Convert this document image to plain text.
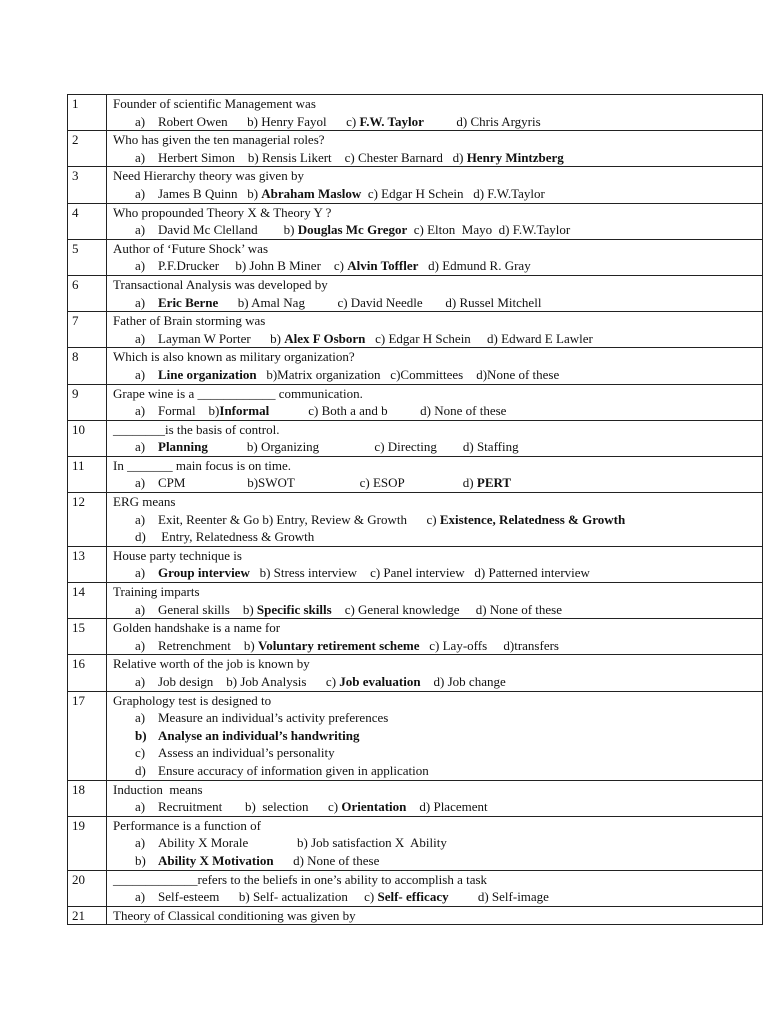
1	Founder of scientific Management was
a) Robert Owen      b) Henry Fayol      c) F.W. Taylor          d) Chris Argyris

2	Who has given the ten managerial roles?
a) Herbert Simon    b) Rensis Likert    c) Chester Barnard   d) Henry Mintzberg

3	Need Hierarchy theory was given by
a) James B Quinn   b) Abraham Maslow  c) Edgar H Schein   d) F.W.Taylor

4	Who propounded Theory X & Theory Y ?
a) David Mc Clelland        b) Douglas Mc Gregor  c) Elton  Mayo  d) F.W.Taylor

5	Author of ‘Future Shock’ was
a) P.F.Drucker     b) John B Miner    c) Alvin Toffler   d) Edmund R. Gray

6	Transactional Analysis was developed by
a) Eric Berne      b) Amal Nag          c) David Needle       d) Russel Mitchell

7	Father of Brain storming was
a) Layman W Porter      b) Alex F Osborn   c) Edgar H Schein     d) Edward E Lawler

8	Which is also known as military organization?
a) Line organization   b)Matrix organization   c)Committees    d)None of these

9	Grape wine is a ____________ communication.
a) Formal    b)Informal            c) Both a and b          d) None of these

10	________is the basis of control.
a) Planning            b) Organizing                 c) Directing        d) Staffing

11	In _______ main focus is on time.
a) CPM                   b)SWOT                    c) ESOP                  d) PERT

12	ERG means
a) Exit, Reenter & Go b) Entry, Review & Growth      c) Existence, Relatedness & Growth
d) Entry, Relatedness & Growth

13	House party technique is
a) Group interview   b) Stress interview    c) Panel interview   d) Patterned interview

14	Training imparts
a) General skills    b) Specific skills    c) General knowledge     d) None of these

15	Golden handshake is a name for
a) Retrenchment    b) Voluntary retirement scheme   c) Lay-offs     d)transfers

16	Relative worth of the job is known by
a) Job design    b) Job Analysis      c) Job evaluation    d) Job change

17	Graphology test is designed to
a) Measure an individual’s activity preferences
b) Analyse an individual’s handwriting
c) Assess an individual’s personality
d) Ensure accuracy of information given in application

18	Induction  means
a) Recruitment       b)  selection      c) Orientation    d) Placement

19	Performance is a function of
a) Ability X Morale               b) Job satisfaction X  Ability
b) Ability X Motivation      d) None of these

20	_____________refers to the beliefs in one’s ability to accomplish a task
a) Self-esteem      b) Self- actualization     c) Self- efficacy         d) Self-image

21	Theory of Classical conditioning was given by
